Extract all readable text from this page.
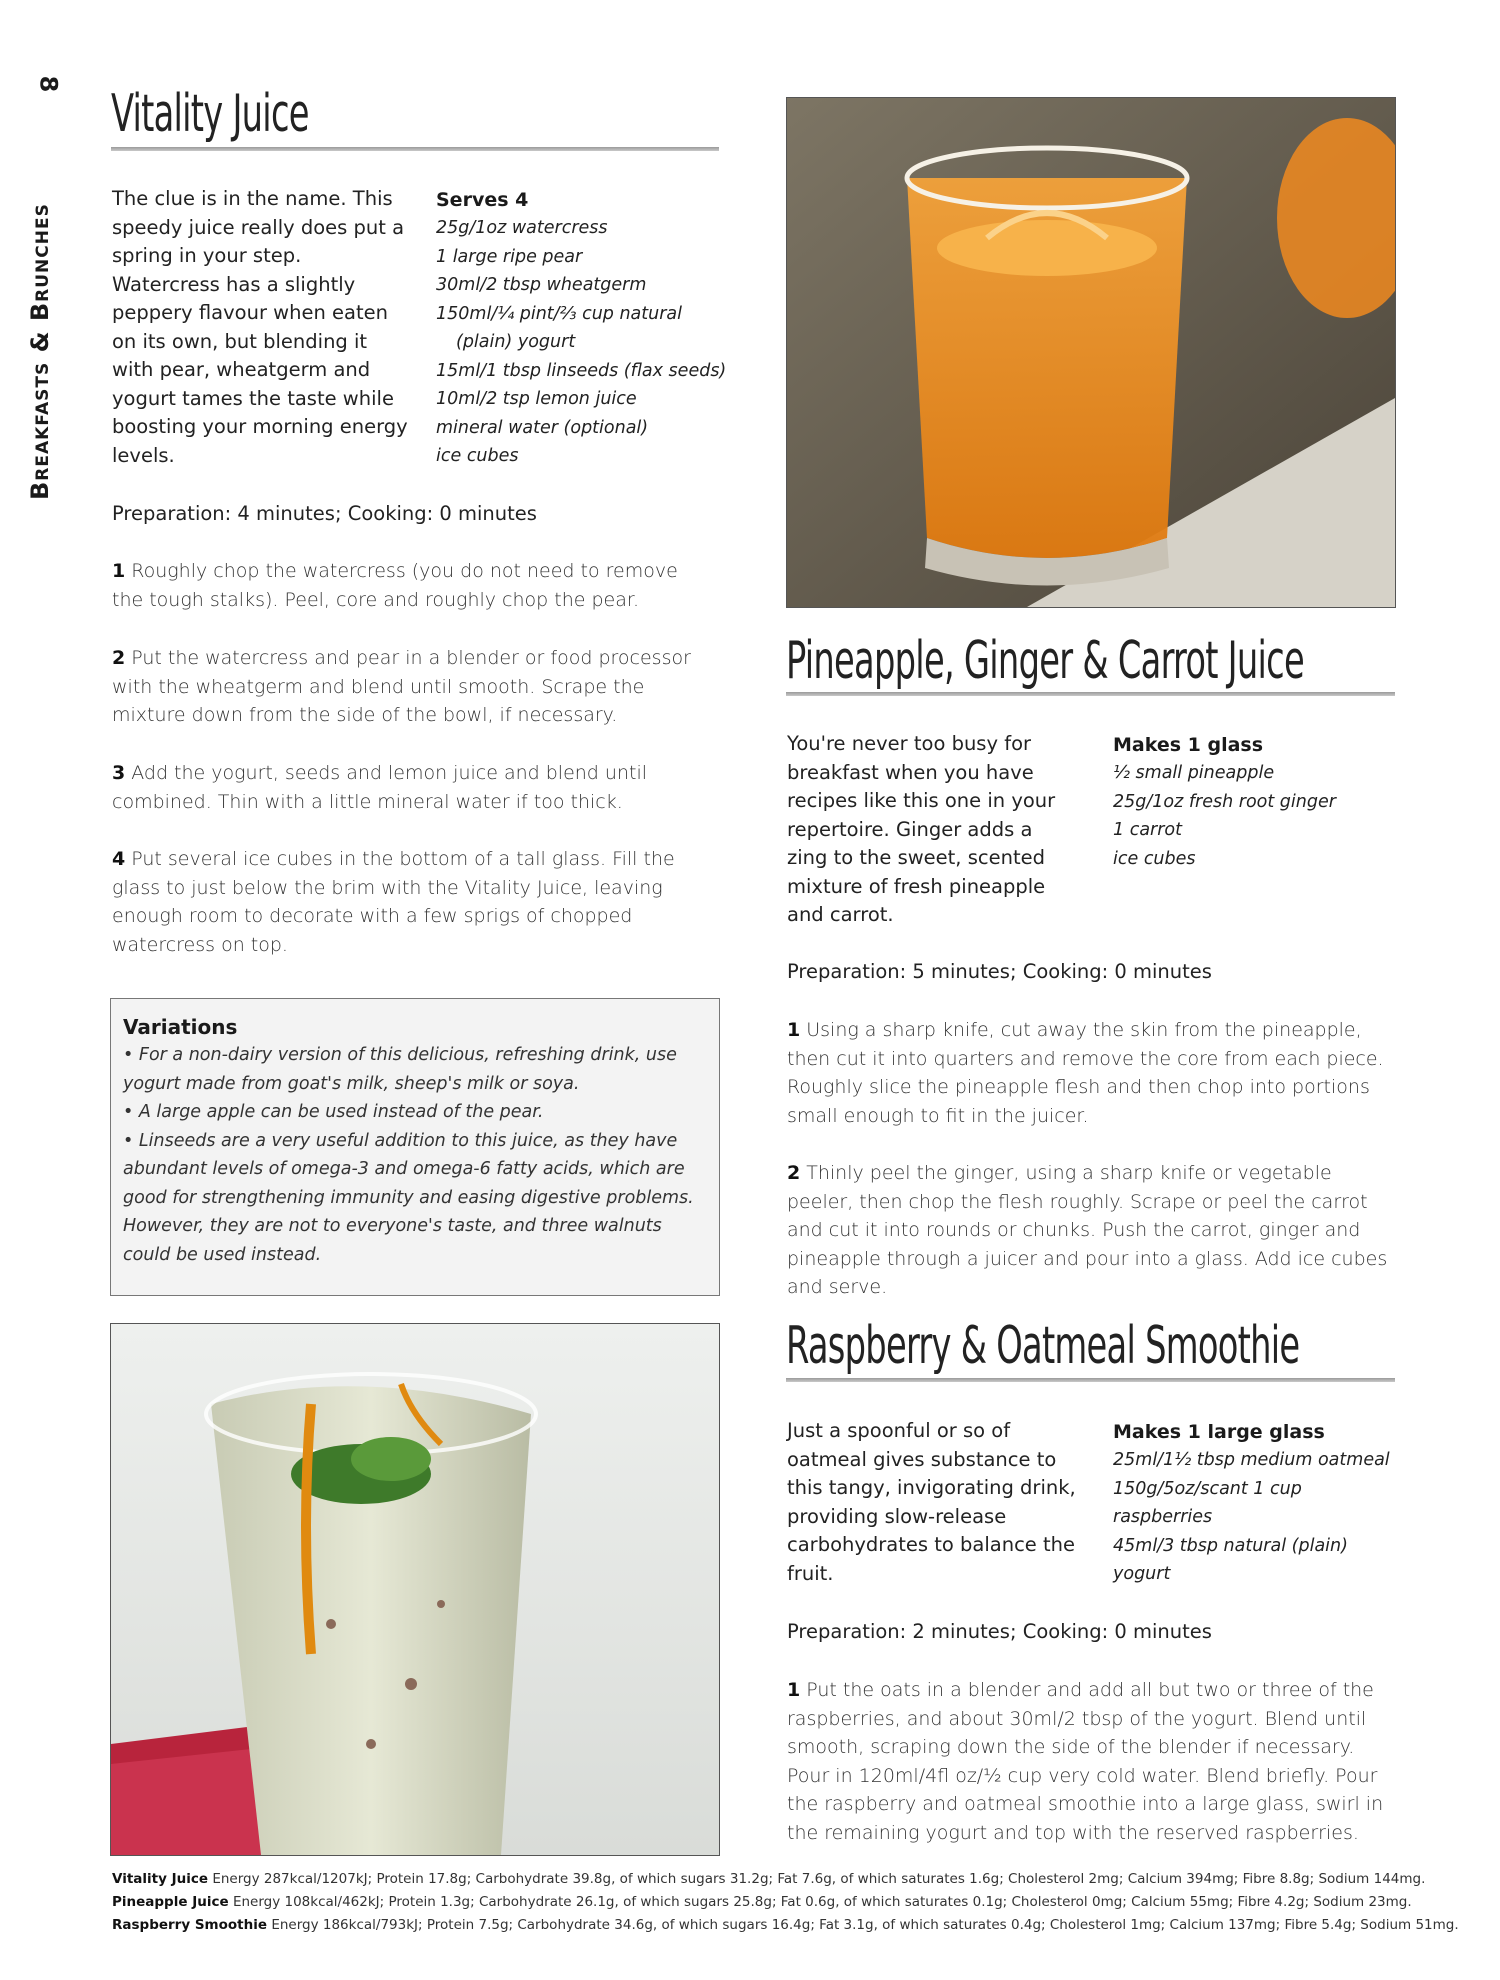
8
Breakfasts & Brunches
Vitality Juice
The clue is in the name. This speedy juice really does put a spring in your step. Watercress has a slightly peppery flavour when eaten on its own, but blending it with pear, wheatgerm and yogurt tames the taste while boosting your morning energy levels.
Serves 4
25g/1oz watercress
1 large ripe pear
30ml/2 tbsp wheatgerm
150ml/¼ pint/⅔ cup natural
(plain) yogurt
15ml/1 tbsp linseeds (flax seeds)
10ml/2 tsp lemon juice
mineral water (optional)
ice cubes
Preparation: 4 minutes; Cooking: 0 minutes
1 Roughly chop the watercress (you do not need to remove the tough stalks). Peel, core and roughly chop the pear.
2 Put the watercress and pear in a blender or food processor with the wheatgerm and blend until smooth. Scrape the mixture down from the side of the bowl, if necessary.
3 Add the yogurt, seeds and lemon juice and blend until combined. Thin with a little mineral water if too thick.
4 Put several ice cubes in the bottom of a tall glass. Fill the glass to just below the brim with the Vitality Juice, leaving enough room to decorate with a few sprigs of chopped watercress on top.
Variations

• For a non-dairy version of this delicious, refreshing drink, use yogurt made from goat's milk, sheep's milk or soya.

• A large apple can be used instead of the pear.

• Linseeds are a very useful addition to this juice, as they have abundant levels of omega-3 and omega-6 fatty acids, which are good for strengthening immunity and easing digestive problems. However, they are not to everyone's taste, and three walnuts could be used instead.

Pineapple, Ginger & Carrot Juice
You're never too busy for breakfast when you have recipes like this one in your repertoire. Ginger adds a zing to the sweet, scented mixture of fresh pineapple and carrot.
Makes 1 glass
½ small pineapple
25g/1oz fresh root ginger
1 carrot
ice cubes
Preparation: 5 minutes; Cooking: 0 minutes
1 Using a sharp knife, cut away the skin from the pineapple, then cut it into quarters and remove the core from each piece. Roughly slice the pineapple flesh and then chop into portions small enough to fit in the juicer.
2 Thinly peel the ginger, using a sharp knife or vegetable peeler, then chop the flesh roughly. Scrape or peel the carrot and cut it into rounds or chunks. Push the carrot, ginger and pineapple through a juicer and pour into a glass. Add ice cubes and serve.
Raspberry & Oatmeal Smoothie
Just a spoonful or so of oatmeal gives substance to this tangy, invigorating drink, providing slow-release carbohydrates to balance the fruit.
Makes 1 large glass
25ml/1½ tbsp medium oatmeal
150g/5oz/scant 1 cup raspberries
45ml/3 tbsp natural (plain) yogurt
Preparation: 2 minutes; Cooking: 0 minutes
1 Put the oats in a blender and add all but two or three of the raspberries, and about 30ml/2 tbsp of the yogurt. Blend until smooth, scraping down the side of the blender if necessary. Pour in 120ml/4fl oz/½ cup very cold water. Blend briefly. Pour the raspberry and oatmeal smoothie into a large glass, swirl in the remaining yogurt and top with the reserved raspberries.
Vitality Juice Energy 287kcal/1207kJ; Protein 17.8g; Carbohydrate 39.8g, of which sugars 31.2g; Fat 7.6g, of which saturates 1.6g; Cholesterol 2mg; Calcium 394mg; Fibre 8.8g; Sodium 144mg.
Pineapple Juice Energy 108kcal/462kJ; Protein 1.3g; Carbohydrate 26.1g, of which sugars 25.8g; Fat 0.6g, of which saturates 0.1g; Cholesterol 0mg; Calcium 55mg; Fibre 4.2g; Sodium 23mg.
Raspberry Smoothie Energy 186kcal/793kJ; Protein 7.5g; Carbohydrate 34.6g, of which sugars 16.4g; Fat 3.1g, of which saturates 0.4g; Cholesterol 1mg; Calcium 137mg; Fibre 5.4g; Sodium 51mg.
